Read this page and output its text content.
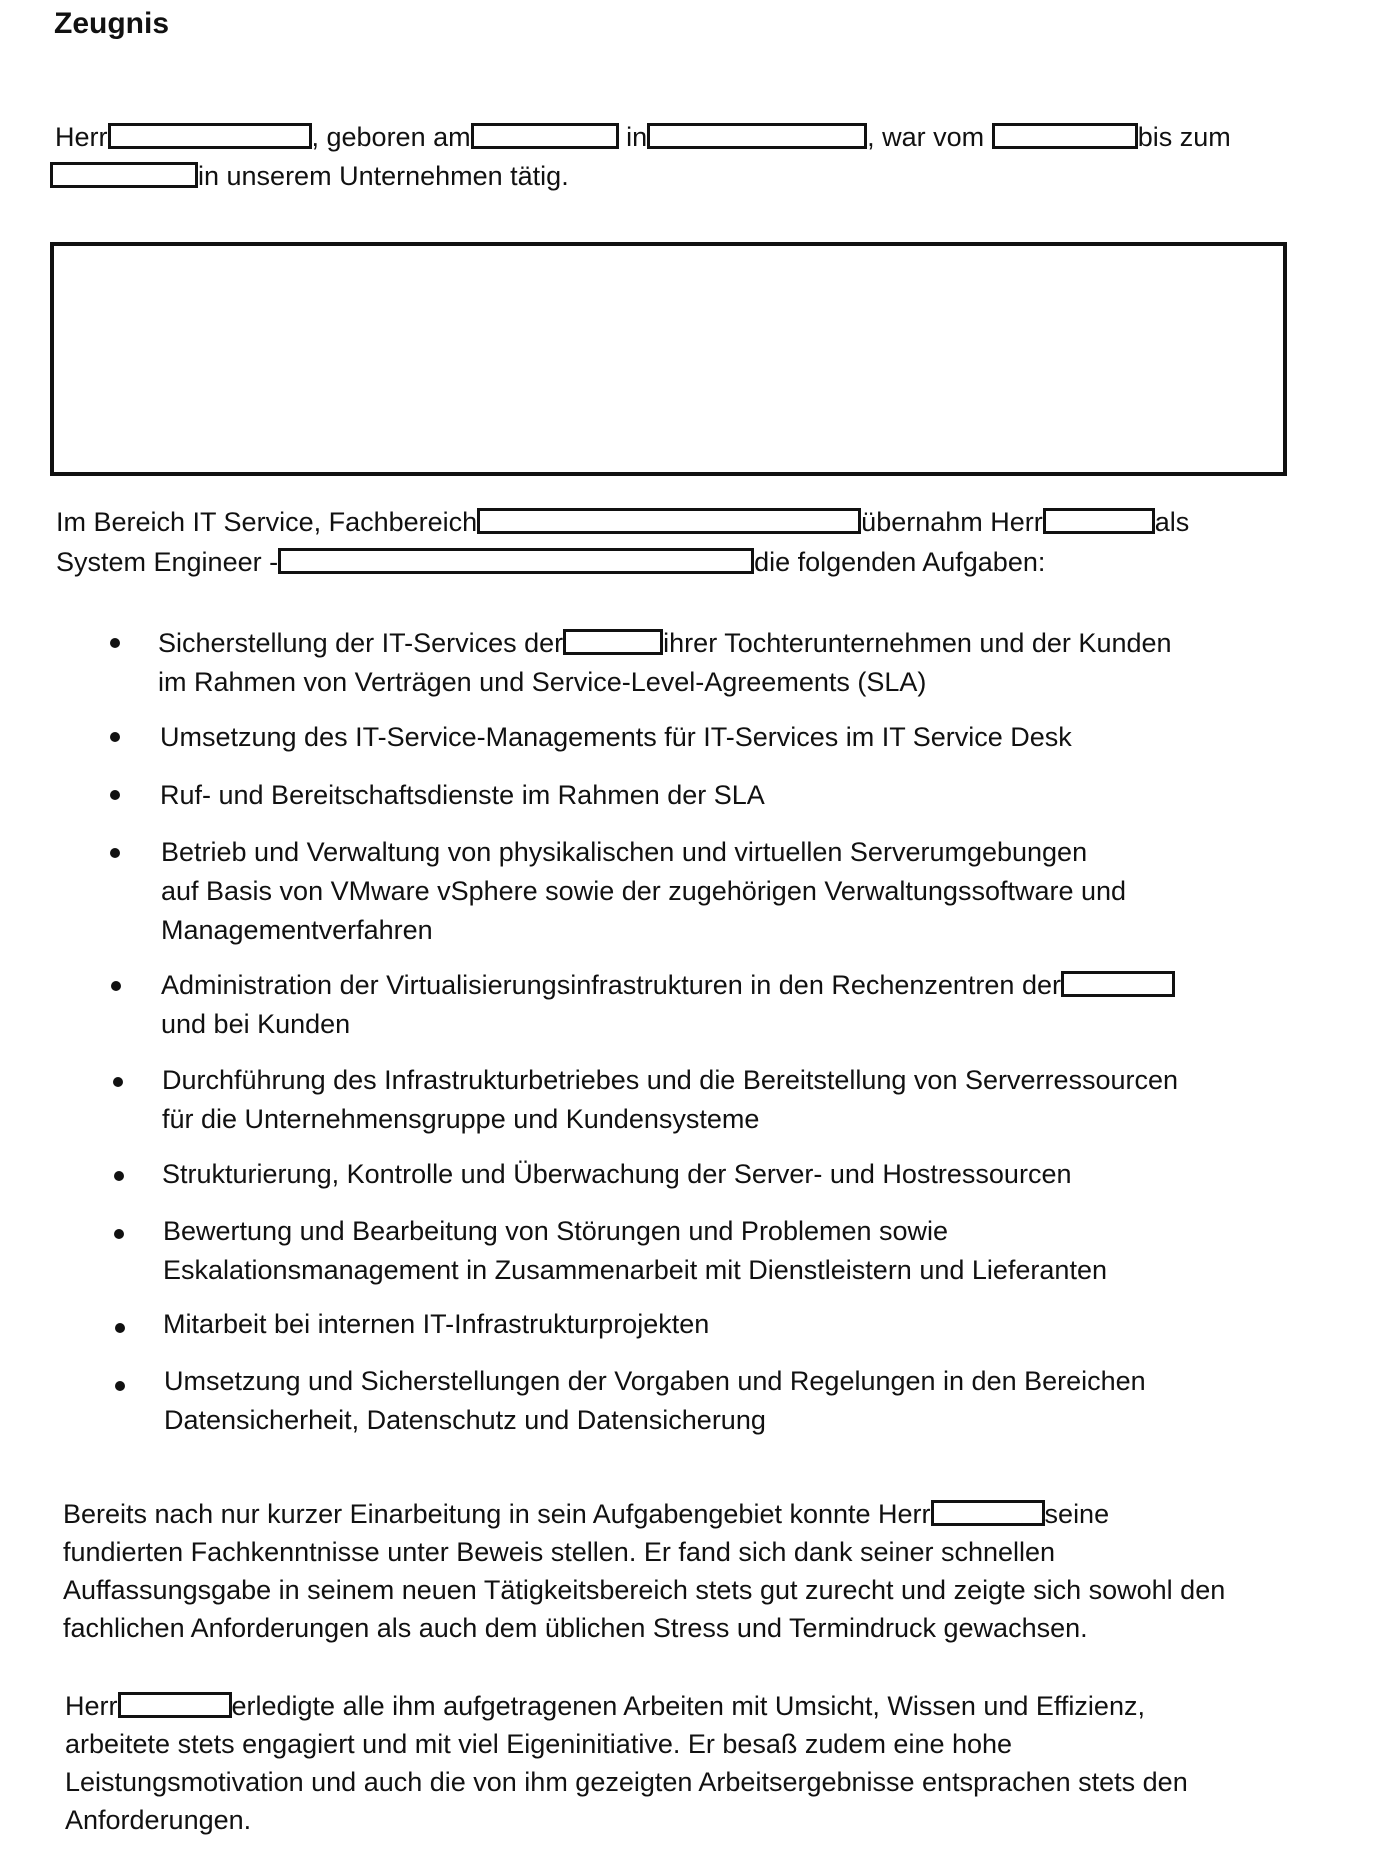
Zeugnis
Herr	, geboren am	in	, war vom	bis zum
in unserem Unternehmen tätig.
Im Bereich IT Service, Fachbereich	übernahm Herr	als
System Engineer -	die folgenden Aufgaben:
Sicherstellung der IT-Services der	ihrer Tochterunternehmen und der Kunden
im Rahmen von Verträgen und Service-Level-Agreements (SLA)
Umsetzung des IT-Service-Managements für IT-Services im IT Service Desk
Ruf- und Bereitschaftsdienste im Rahmen der SLA
Betrieb und Verwaltung von physikalischen und virtuellen Serverumgebungen
auf Basis von VMware vSphere sowie der zugehörigen Verwaltungssoftware und
Managementverfahren
Administration der Virtualisierungsinfrastrukturen in den Rechenzentren der
und bei Kunden
Durchführung des Infrastrukturbetriebes und die Bereitstellung von Serverressourcen
für die Unternehmensgruppe und Kundensysteme
Strukturierung, Kontrolle und Überwachung der Server- und Hostressourcen
Bewertung und Bearbeitung von Störungen und Problemen sowie
Eskalationsmanagement in Zusammenarbeit mit Dienstleistern und Lieferanten
Mitarbeit bei internen IT-Infrastrukturprojekten
Umsetzung und Sicherstellungen der Vorgaben und Regelungen in den Bereichen
Datensicherheit, Datenschutz und Datensicherung
Bereits nach nur kurzer Einarbeitung in sein Aufgabengebiet konnte Herr	seine
fundierten Fachkenntnisse unter Beweis stellen. Er fand sich dank seiner schnellen
Auffassungsgabe in seinem neuen Tätigkeitsbereich stets gut zurecht und zeigte sich sowohl den
fachlichen Anforderungen als auch dem üblichen Stress und Termindruck gewachsen.
Herr	erledigte alle ihm aufgetragenen Arbeiten mit Umsicht, Wissen und Effizienz,
arbeitete stets engagiert und mit viel Eigeninitiative. Er besaß zudem eine hohe
Leistungsmotivation und auch die von ihm gezeigten Arbeitsergebnisse entsprachen stets den
Anforderungen.
